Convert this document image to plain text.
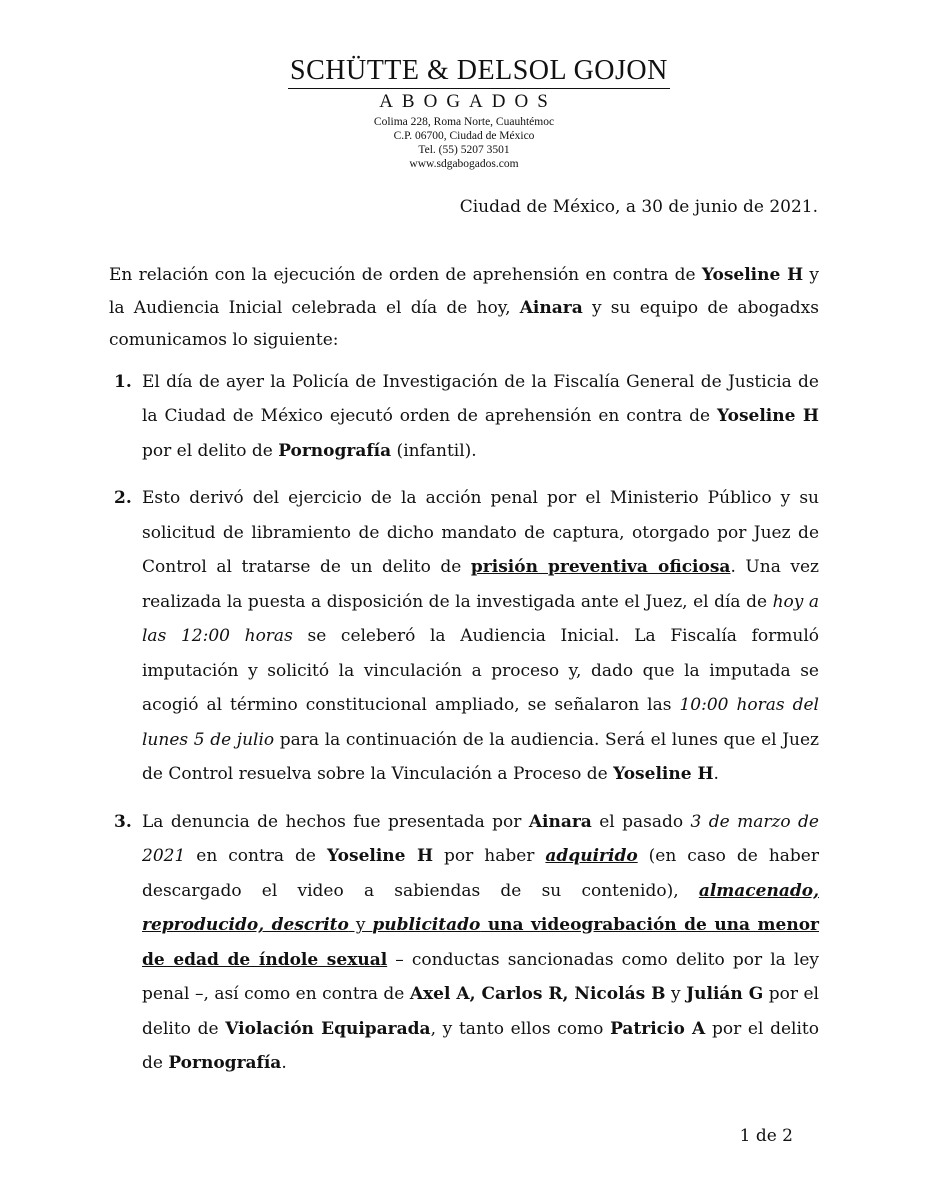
SCHÜTTE & DELSOL GOJON
ABOGADOS
Colima 228, Roma Norte, Cuauhtémoc
C.P. 06700, Ciudad de México
Tel. (55) 5207 3501
www.sdgabogados.com
Ciudad de México, a 30 de junio de 2021.

En relación con la ejecución de orden de aprehensión en contra de Yoseline H y la Audiencia Inicial celebrada el día de hoy, Ainara y su equipo de abogadxs comunicamos lo siguiente:

1. El día de ayer la Policía de Investigación de la Fiscalía General de Justicia de la Ciudad de México ejecutó orden de aprehensión en contra de Yoseline H por el delito de Pornografía (infantil).

2. Esto derivó del ejercicio de la acción penal por el Ministerio Público y su solicitud de libramiento de dicho mandato de captura, otorgado por Juez de Control al tratarse de un delito de prisión preventiva oficiosa. Una vez realizada la puesta a disposición de la investigada ante el Juez, el día de hoy a las 12:00 horas se celeberó la Audiencia Inicial. La Fiscalía formuló imputación y solicitó la vinculación a proceso y, dado que la imputada se acogió al término constitucional ampliado, se señalaron las 10:00 horas del lunes 5 de julio para la continuación de la audiencia. Será el lunes que el Juez de Control resuelva sobre la Vinculación a Proceso de Yoseline H.

3. La denuncia de hechos fue presentada por Ainara el pasado 3 de marzo de 2021 en contra de Yoseline H por haber adquirido (en caso de haber descargado el video a sabiendas de su contenido), almacenado, reproducido, descrito y publicitado una videograbación de una menor de edad de índole sexual – conductas sancionadas como delito por la ley penal –, así como en contra de Axel A, Carlos R, Nicolás B y Julián G por el delito de Violación Equiparada, y tanto ellos como Patricio A por el delito de Pornografía.

1 de 2
